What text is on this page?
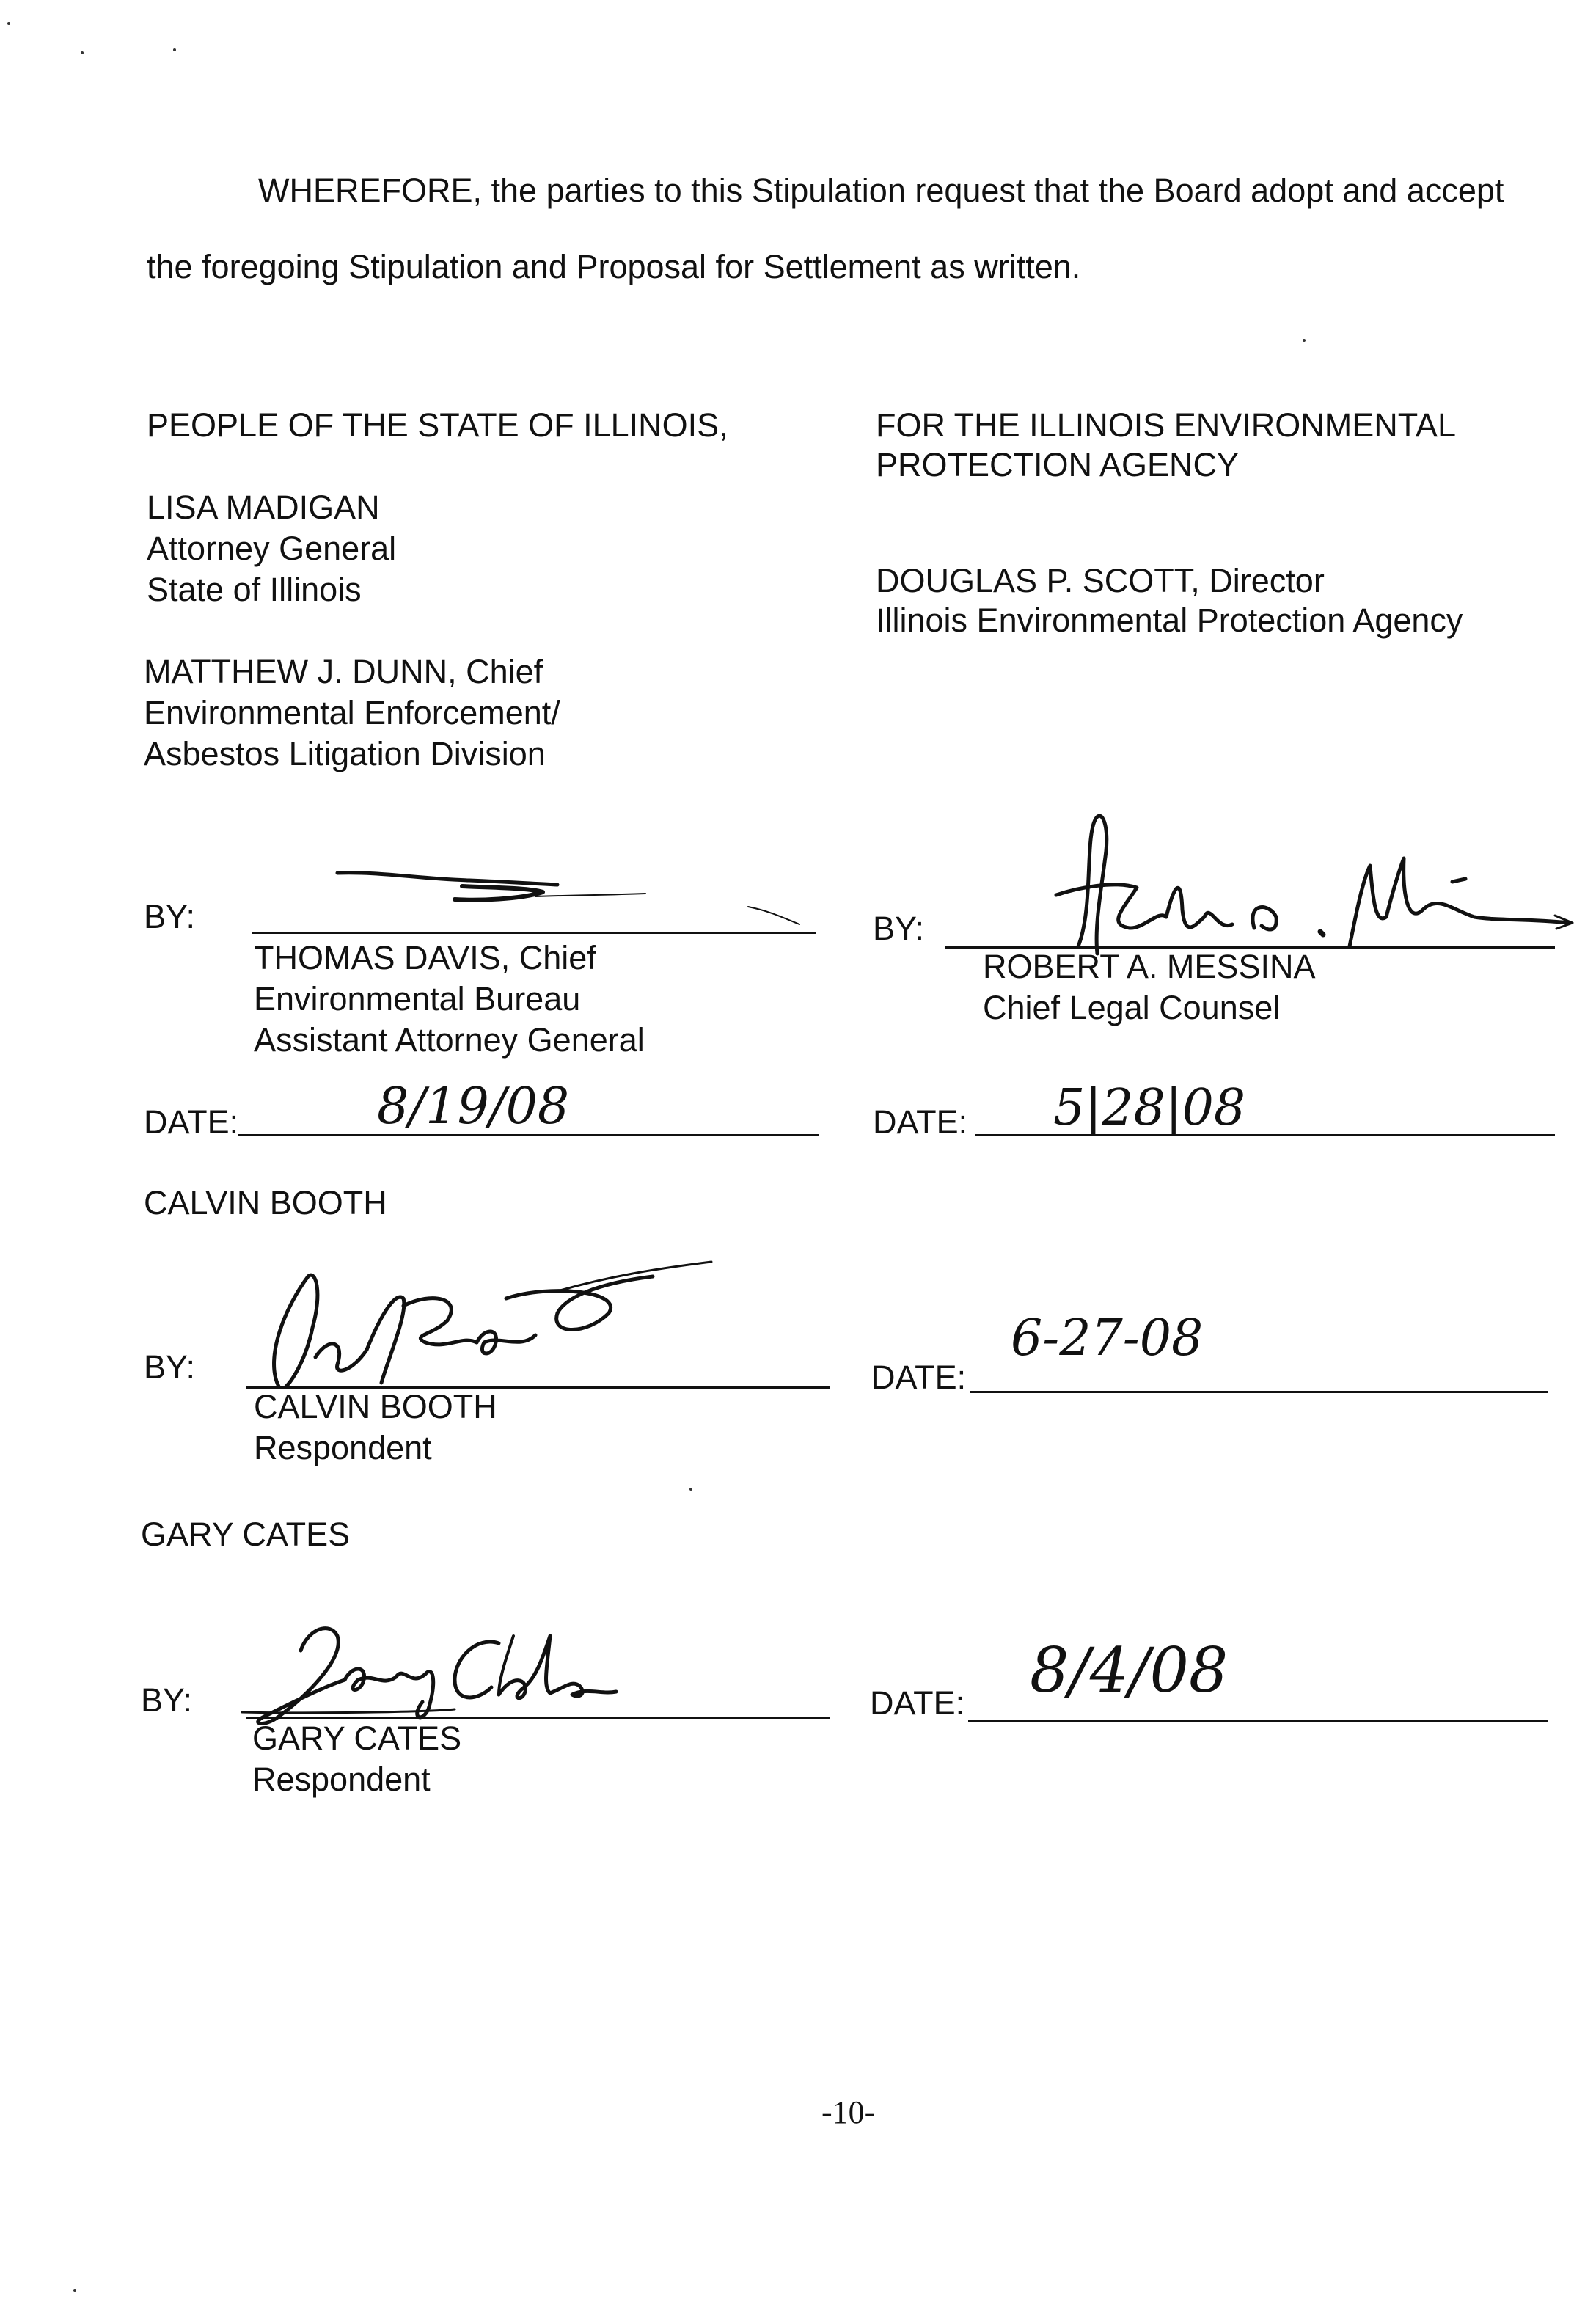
WHEREFORE, the parties to this Stipulation request that the Board adopt and accept
the foregoing Stipulation and Proposal for Settlement as written.
PEOPLE OF THE STATE OF ILLINOIS,
LISA MADIGAN
Attorney General
State of Illinois
MATTHEW J. DUNN, Chief
Environmental Enforcement/
Asbestos Litigation Division
FOR THE ILLINOIS ENVIRONMENTAL
PROTECTION AGENCY
DOUGLAS P. SCOTT, Director
Illinois Environmental Protection Agency
BY:
THOMAS DAVIS, Chief
Environmental Bureau
Assistant Attorney General
DATE:	8/19/08
BY:
ROBERT A. MESSINA
Chief Legal Counsel
DATE: 5|28|08
CALVIN BOOTH
BY:
CALVIN BOOTH
Respondent
DATE:
6-27-08
GARY CATES
BY:
GARY CATES
Respondent
DATE: 8/4/08
-10-
